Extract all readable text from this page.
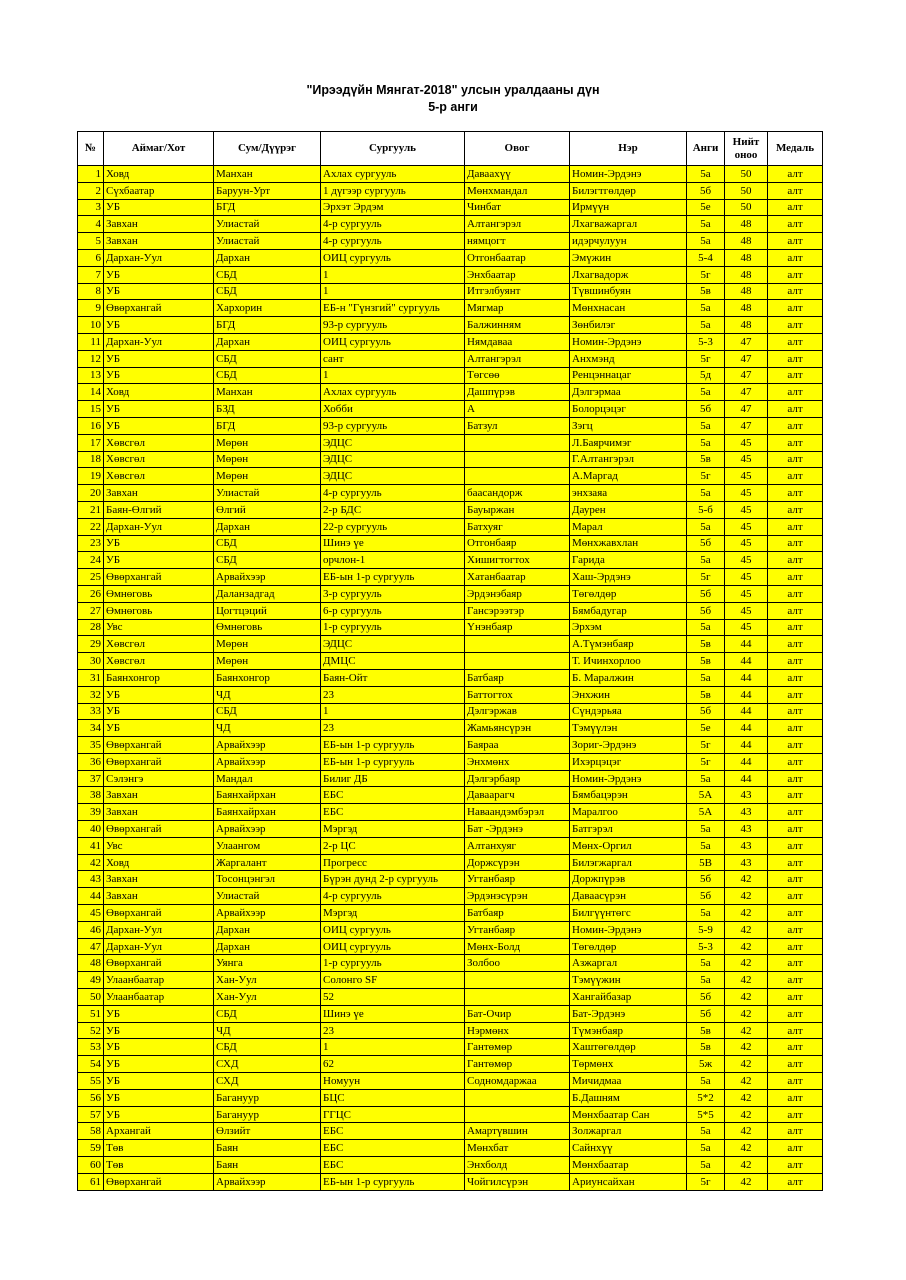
"Ирээдүйн Мянгат-2018" улсын уралдааны дүн
5-р анги
№	Аймаг/Хот	Сум/Дүүрэг	Сургууль	Овог	Нэр	Анги	Нийт оноо	Медаль
1	Ховд	Манхан	Ахлах сургууль	Даваахүү	Номин-Эрдэнэ	5а	50	алт
2	Сүхбаатар	Баруун-Урт	1 дүгээр сургууль	Мөнхмандал	Билэгтгөлдөр	5б	50	алт
3	УБ	БГД	Эрхэт Эрдэм	Чинбат	Ирмүүн	5е	50	алт
4	Завхан	Улиастай	4-р сургууль	Алтангэрэл	Лхагважаргал	5а	48	алт
5	Завхан	Улиастай	4-р сургууль	нямцогт	идэрчулуун	5а	48	алт
6	Дархан-Уул	Дархан	ОИЦ сургууль	Отгонбаатар	Эмүжин	5-4	48	алт
7	УБ	СБД	1	Энхбаатар	Лхагвадорж	5г	48	алт
8	УБ	СБД	1	Итгэлбуянт	Түвшинбуян	5в	48	алт
9	Өвөрхангай	Хархорин	ЕБ-н "Гүнзгий" сургууль	Мягмар	Мөнхнасан	5а	48	алт
10	УБ	БГД	93-р сургууль	Балжинням	Зөнбилэг	5а	48	алт
11	Дархан-Уул	Дархан	ОИЦ сургууль	Нямдаваа	Номин-Эрдэнэ	5-3	47	алт
12	УБ	СБД	сант	Алтангэрэл	Анхмэнд	5г	47	алт
13	УБ	СБД	1	Төгсөө	Ренцэннацаг	5д	47	алт
14	Ховд	Манхан	Ахлах сургууль	Дашпүрэв	Дэлгэрмаа	5а	47	алт
15	УБ	БЗД	Хобби	А	Болорцэцэг	5б	47	алт
16	УБ	БГД	93-р сургууль	Батзул	Зэгц	5а	47	алт
17	Хөвсгөл	Мөрөн	ЭДЦС		Л.Баярчимэг	5а	45	алт
18	Хөвсгөл	Мөрөн	ЭДЦС		Г.Алтангэрэл	5в	45	алт
19	Хөвсгөл	Мөрөн	ЭДЦС		А.Маргад	5г	45	алт
20	Завхан	Улиастай	4-р сургууль	баасандорж	энхзаяа	5а	45	алт
21	Баян-Өлгий	Өлгий	2-р БДС	Бауыржан	Даурен	5-б	45	алт
22	Дархан-Уул	Дархан	22-р сургууль	Батхуяг	Марал	5а	45	алт
23	УБ	СБД	Шинэ үе	Отгонбаяр	Мөнхжавхлан	5б	45	алт
24	УБ	СБД	орчлон-1	Хишигтогтох	Гарида	5а	45	алт
25	Өвөрхангай	Арвайхээр	ЕБ-ын 1-р сургууль	Хатанбаатар	Хаш-Эрдэнэ	5г	45	алт
26	Өмнөговь	Даланзадгад	3-р сургууль	Эрдэнэбаяр	Төгөлдөр	5б	45	алт
27	Өмнөговь	Цогтцэций	6-р сургууль	Гансэрээтэр	Бямбадугар	5б	45	алт
28	Увс	Өмнөговь	1-р сургууль	Үнэнбаяр	Эрхэм	5а	45	алт
29	Хөвсгөл	Мөрөн	ЭДЦС		А.Түмэнбаяр	5в	44	алт
30	Хөвсгөл	Мөрөн	ДМЦС		Т. Ичинхорлоо	5в	44	алт
31	Баянхонгор	Баянхонгор	Баян-Ойт	Батбаяр	Б. Маралжин	5а	44	алт
32	УБ	ЧД	23	Баттогтох	Энхжин	5в	44	алт
33	УБ	СБД	1	Дэлгэржав	Сүндэрьяа	5б	44	алт
34	УБ	ЧД	23	Жамьянсүрэн	Тэмүүлэн	5е	44	алт
35	Өвөрхангай	Арвайхээр	ЕБ-ын 1-р сургууль	Баяраа	Зориг-Эрдэнэ	5г	44	алт
36	Өвөрхангай	Арвайхээр	ЕБ-ын 1-р сургууль	Энхмөнх	Ихэрцэцэг	5г	44	алт
37	Сэлэнгэ	Мандал	Билиг ДБ	Дэлгэрбаяр	Номин-Эрдэнэ	5а	44	алт
38	Завхан	Баянхайрхан	ЕБС	Даваарагч	Бямбацэрэн	5А	43	алт
39	Завхан	Баянхайрхан	ЕБС	Наваандэмбэрэл	Маралгоо	5А	43	алт
40	Өвөрхангай	Арвайхээр	Мэргэд	Бат -Эрдэнэ	Батгэрэл	5а	43	алт
41	Увс	Улаангом	2-р ЦС	Алтанхуяг	Мөнх-Оргил	5а	43	алт
42	Ховд	Жаргалант	Прогресс	Доржсүрэн	Билэгжаргал	5В	43	алт
43	Завхан	Тосонцэнгэл	Бүрэн дунд 2-р сургууль	Угтанбаяр	Доржпүрэв	5б	42	алт
44	Завхан	Улиастай	4-р сургууль	Эрдэнэсүрэн	Даваасүрэн	5б	42	алт
45	Өвөрхангай	Арвайхээр	Мэргэд	Батбаяр	Билгүүнтөгс	5а	42	алт
46	Дархан-Уул	Дархан	ОИЦ сургууль	Угтанбаяр	Номин-Эрдэнэ	5-9	42	алт
47	Дархан-Уул	Дархан	ОИЦ сургууль	Мөнх-Болд	Төгөлдөр	5-3	42	алт
48	Өвөрхангай	Уянга	1-р сургууль	Золбоо	Азжаргал	5а	42	алт
49	Улаанбаатар	Хан-Уул	Солонго SF		Тэмүүжин	5а	42	алт
50	Улаанбаатар	Хан-Уул	52		Хангайбазар	5б	42	алт
51	УБ	СБД	Шинэ үе	Бат-Очир	Бат-Эрдэнэ	5б	42	алт
52	УБ	ЧД	23	Нэрмөнх	Түмэнбаяр	5в	42	алт
53	УБ	СБД	1	Гантөмөр	Хаштөгөлдөр	5в	42	алт
54	УБ	СХД	62	Гантөмөр	Төрмөнх	5ж	42	алт
55	УБ	СХД	Номуун	Содномдаржаа	Мичидмаа	5а	42	алт
56	УБ	Багануур	БЦС		Б.Дашням	5*2	42	алт
57	УБ	Багануур	ГГЦС		Мөнхбаатар Сан	5*5	42	алт
58	Архангай	Өлзийт	ЕБС	Амартүвшин	Золжаргал	5а	42	алт
59	Төв	Баян	ЕБС	Мөнхбат	Сайнхүү	5а	42	алт
60	Төв	Баян	ЕБС	Энхболд	Мөнхбаатар	5а	42	алт
61	Өвөрхангай	Арвайхээр	ЕБ-ын 1-р сургууль	Чойгилсүрэн	Ариунсайхан	5г	42	алт
